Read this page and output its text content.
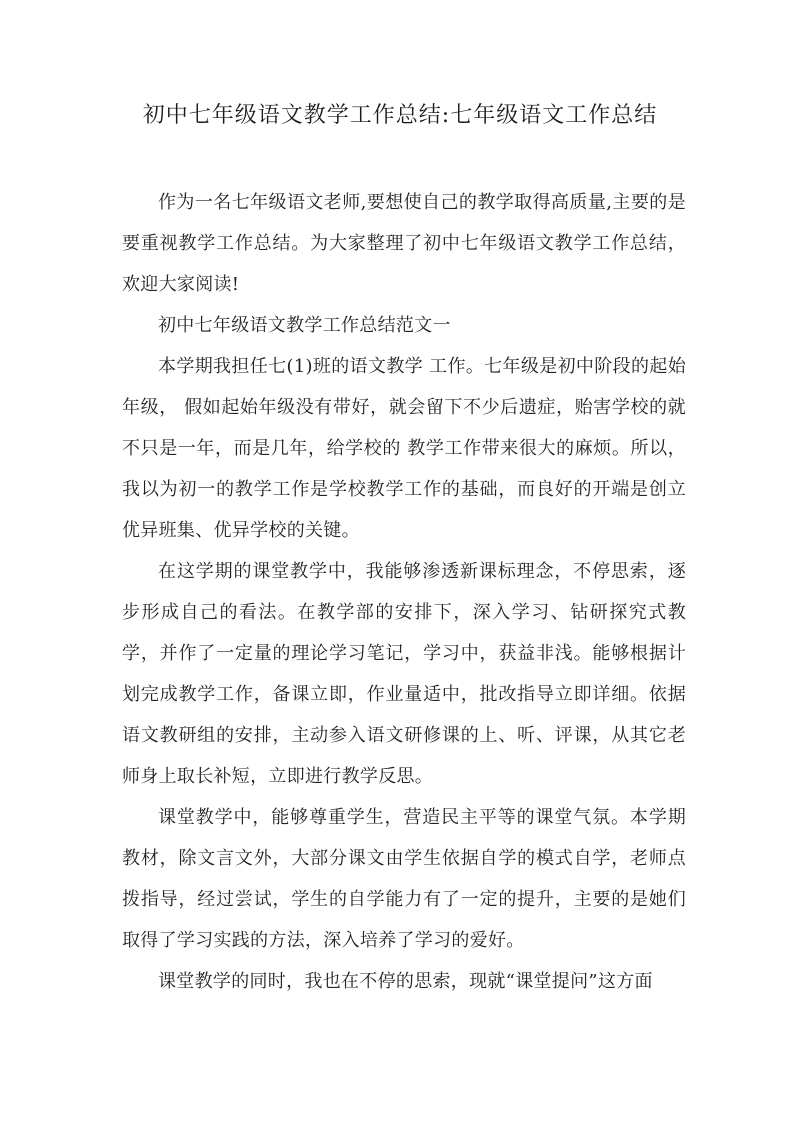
初中七年级语文教学工作总结:七年级语文工作总结

作为一名七年级语文老师,要想使自己的教学取得高质量,主要的是要重视教学工作总结。为大家整理了初中七年级语文教学工作总结，欢迎大家阅读!

初中七年级语文教学工作总结范文一

本学期我担任七(1)班的语文教学 工作。七年级是初中阶段的起始年级， 假如起始年级没有带好，就会留下不少后遗症，贻害学校的就不只是一年，而是几年，给学校的 教学工作带来很大的麻烦。所以，我以为初一的教学工作是学校教学工作的基础，而良好的开端是创立优异班集、优异学校的关键。

在这学期的课堂教学中，我能够渗透新课标理念，不停思索，逐步形成自己的看法。在教学部的安排下，深入学习、钻研探究式教学，并作了一定量的理论学习笔记，学习中，获益非浅。能够根据计划完成教学工作，备课立即，作业量适中，批改指导立即详细。依据语文教研组的安排，主动参入语文研修课的上、听、评课，从其它老师身上取长补短，立即进行教学反思。

课堂教学中，能够尊重学生，营造民主平等的课堂气氛。本学期教材，除文言文外，大部分课文由学生依据自学的模式自学，老师点拨指导，经过尝试，学生的自学能力有了一定的提升，主要的是她们取得了学习实践的方法，深入培养了学习的爱好。

课堂教学的同时，我也在不停的思索，现就“课堂提问”这方面
